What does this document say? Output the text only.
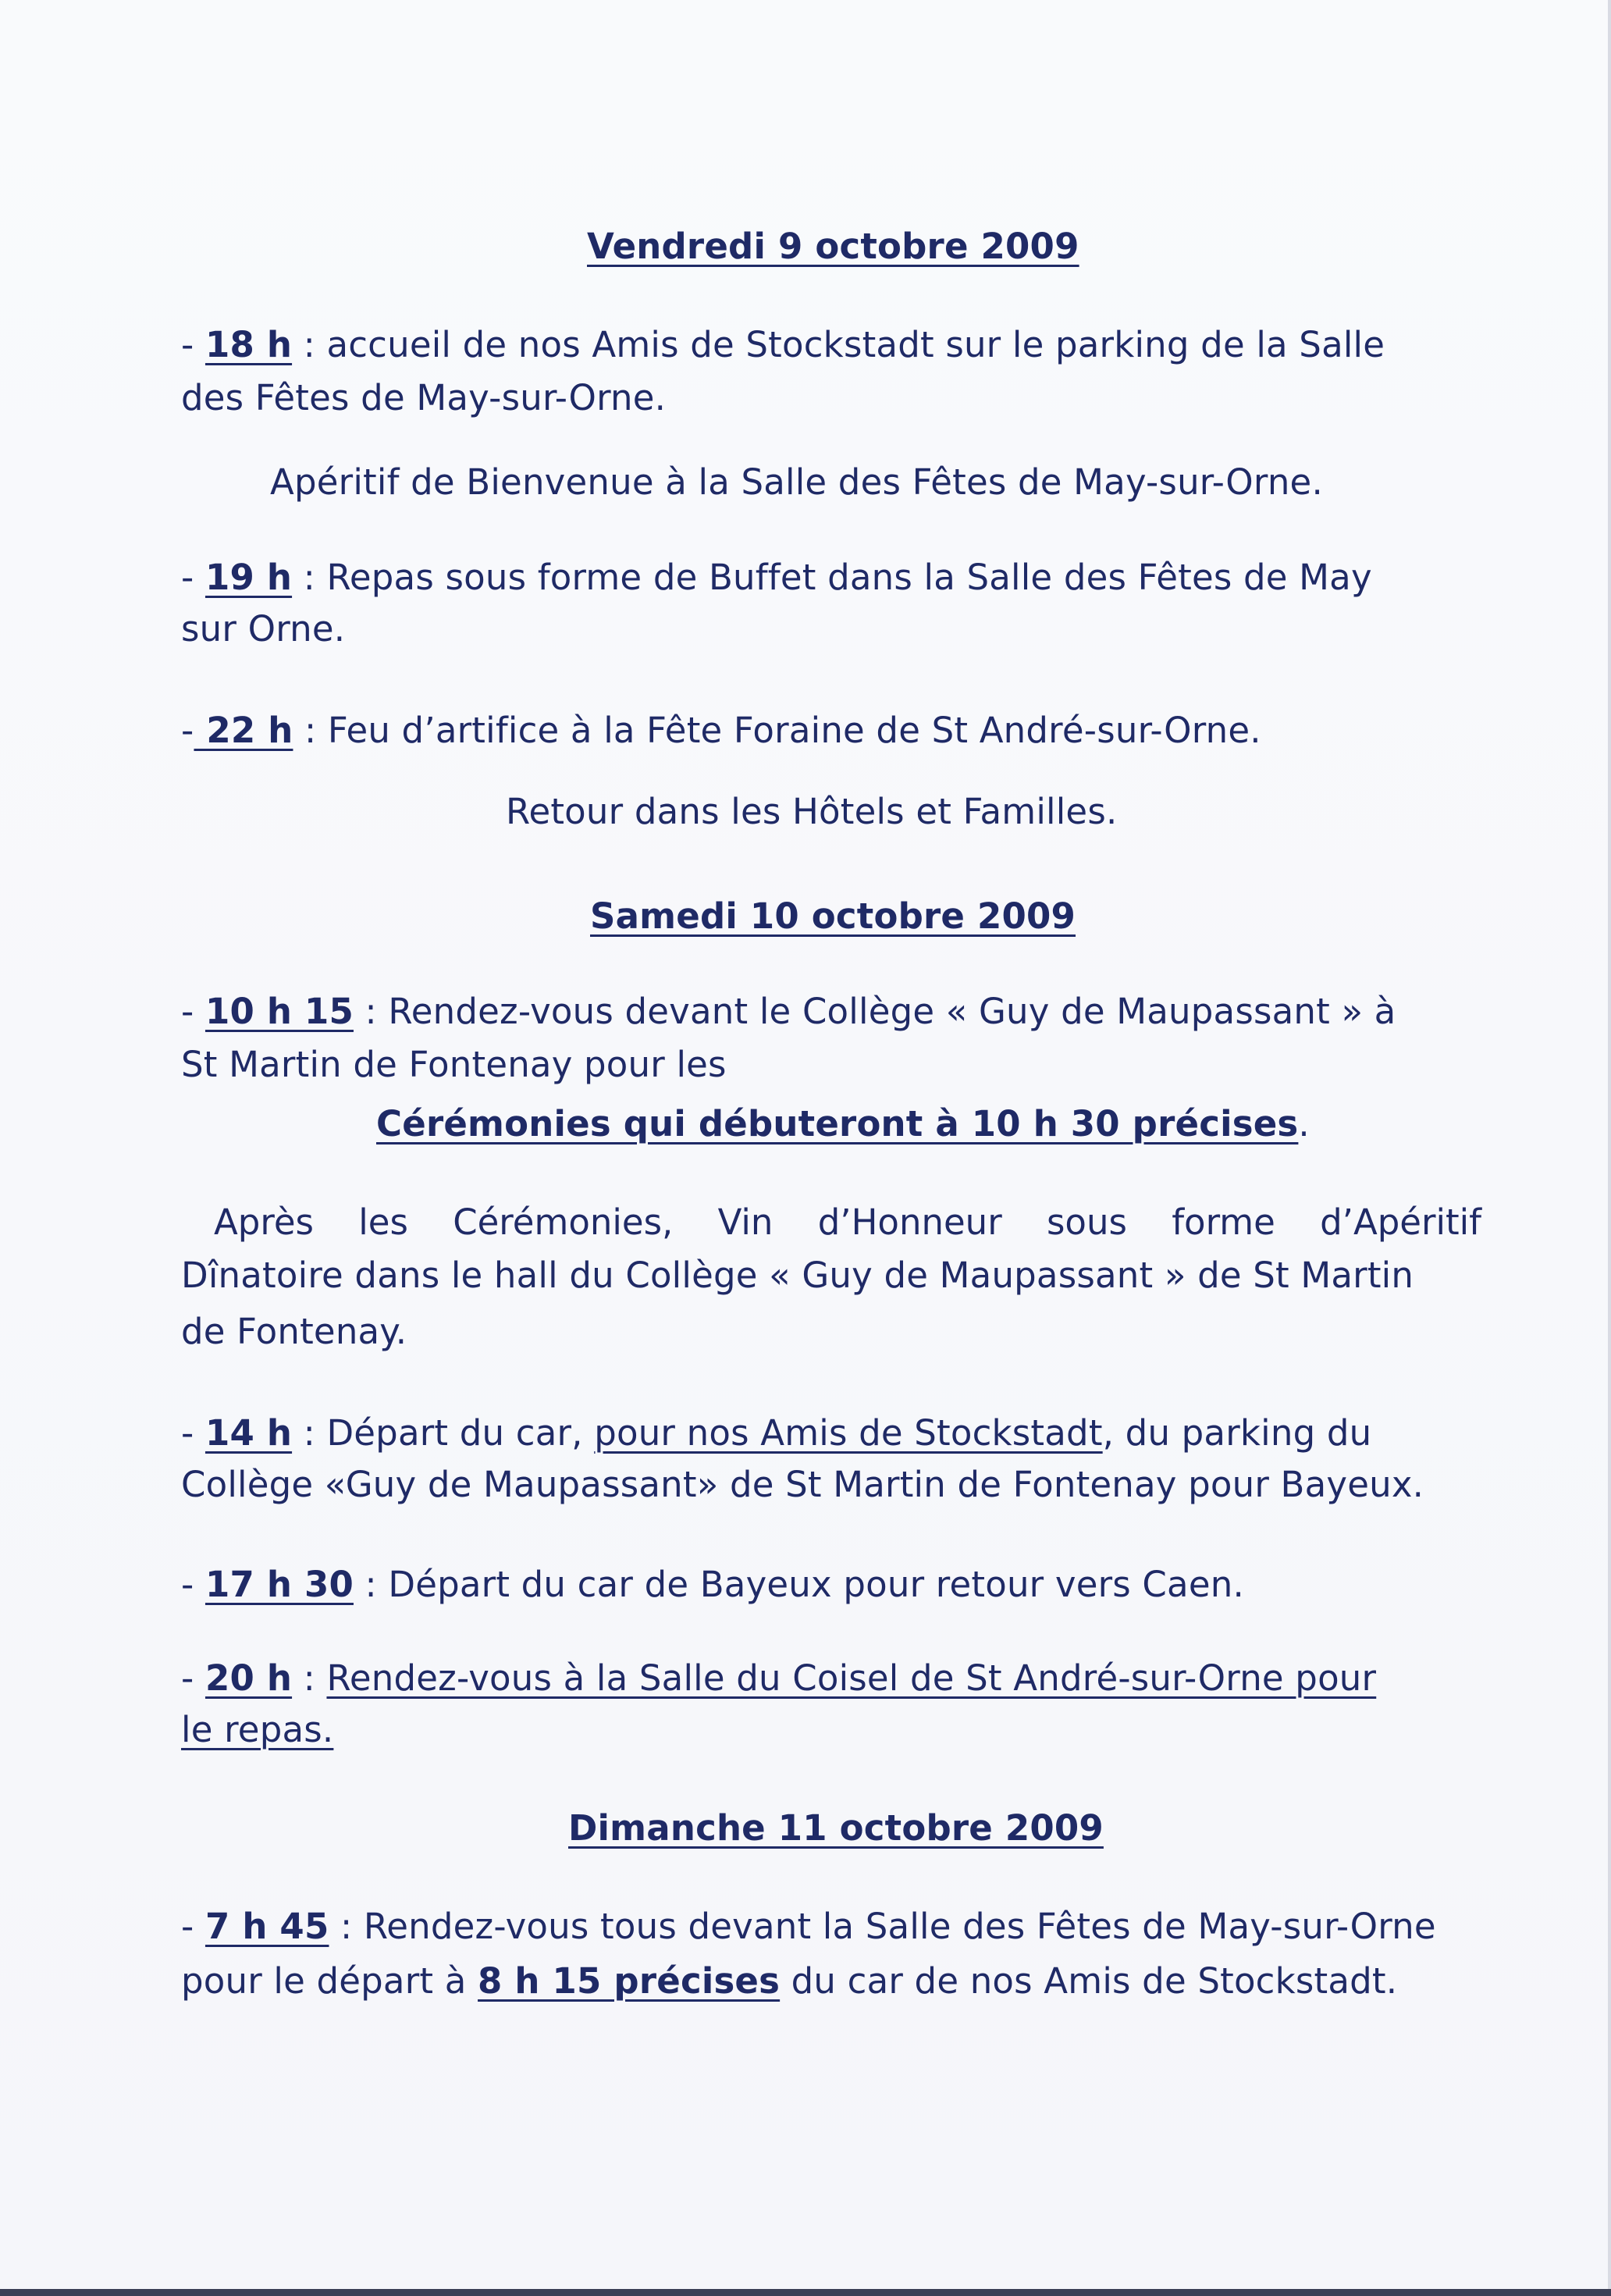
Vendredi 9 octobre 2009
- 18 h : accueil de nos Amis de Stockstadt sur le parking de la Salle
des Fêtes de May-sur-Orne.
Apéritif de Bienvenue à la Salle des Fêtes de May-sur-Orne.
- 19 h : Repas sous forme de Buffet dans la Salle des Fêtes de May
sur Orne.
- 22 h : Feu d’artifice à la Fête Foraine de St André-sur-Orne.
Retour dans les Hôtels et Familles.
Samedi 10 octobre 2009
- 10 h 15 : Rendez-vous devant le Collège « Guy de Maupassant » à
St Martin de Fontenay pour les
Cérémonies qui débuteront à 10 h 30 précises.
Après les Cérémonies, Vin d’Honneur sous forme d’Apéritif
Dînatoire dans le hall du Collège « Guy de Maupassant » de St Martin
de Fontenay.
- 14 h : Départ du car, pour nos Amis de Stockstadt, du parking du
Collège «Guy de Maupassant» de St Martin de Fontenay pour Bayeux.
- 17 h 30 : Départ du car de Bayeux pour retour vers Caen.
- 20 h : Rendez-vous à la Salle du Coisel de St André-sur-Orne pour
le repas.
Dimanche 11 octobre 2009
- 7 h 45 : Rendez-vous tous devant la Salle des Fêtes de May-sur-Orne
pour le départ à 8 h 15 précises du car de nos Amis de Stockstadt.
